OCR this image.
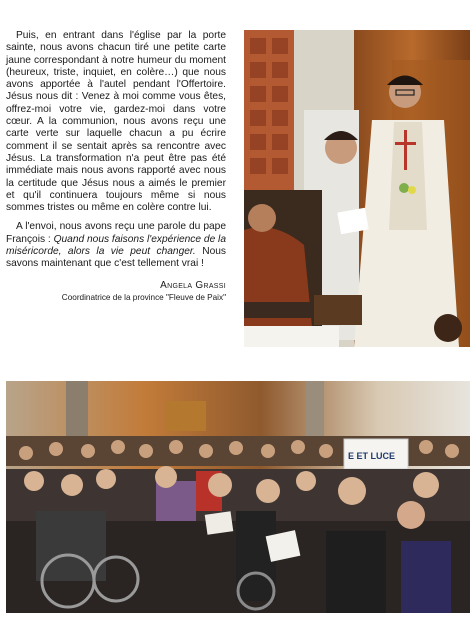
Puis, en entrant dans l'église par la porte sainte, nous avons chacun tiré une petite carte jaune correspondant à notre humeur du moment (heureux, triste, inquiet, en colère…) que nous avons apportée à l'autel pendant l'Offertoire. Jésus nous dit : Venez à moi comme vous êtes, offrez-moi votre vie, gardez-moi dans votre cœur. A la communion, nous avons reçu une carte verte sur laquelle chacun a pu écrire comment il se sentait après sa rencontre avec Jésus. La transformation n'a peut être pas été immédiate mais nous avons rapporté avec nous la certitude que Jésus nous a aimés le premier et qu'il continuera toujours même si nous sommes tristes ou même en colère contre lui.

A l'envoi, nous avons reçu une parole du pape François : Quand nous faisons l'expérience de la miséricorde, alors la vie peut changer. Nous savons maintenant que c'est tellement vrai !

Angela Grassi
Coordinatrice de la province "Fleuve de Paix"
E ET LUCE
